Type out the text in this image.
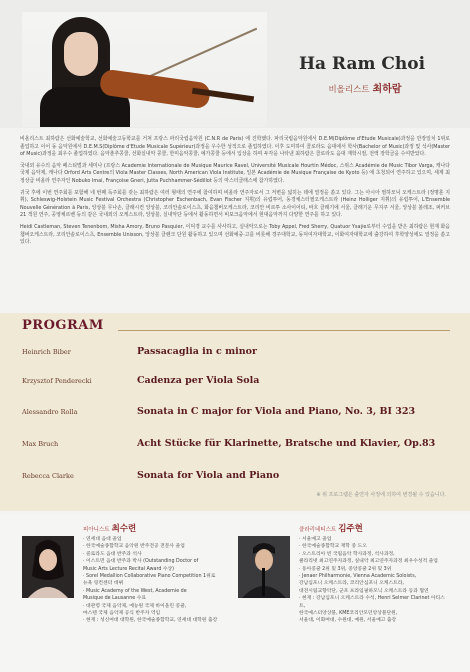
Ha Ram Choi
비올리스트 최하람

비올리스트 최하람은 선화예술학교, 선화예술고등학교를 거쳐 프랑스 파리국립음악원 (C.N.R de Paris) 에 진학했다. 파리국립음악원에서 D.E.M(Diplôme d'Etude Musicale)과정을 만장일치 1위로 졸업하고 이어 동 음악원에서 D.E.M.S(Diplôme d'Etude Musicale Supérieur)과정을 우수한 성적으로 졸업하였다. 이후 도미하여 콜로라도 음대에서 학사(Bachelor of Music)과정 및 석사(Master of Music)과정을 최우수 졸업하였다. 음악춘추콩쿨, 선화실내악 콩쿨, 한미음악콩쿨, 예가콩쿨 등에서 입상을 하며 두각을 나타낸 최하람은 콜로라도 음대 재학시절, 전액 장학금을 수여받았다.

국내외 유수의 음악 페스티벌과 세미나 (프랑스 Academie Internationale de Musique Maurice Ravel, Université Musicale Hourtin Médoc, 스위스 Académie de Music Tibor Varga, 캐나다 국제 음악제, 캐나다 Orford Arts Centre의 Viola Master Classes, North American Viola Institute, 일본 Académie de Musique Française de Kyoto 등) 에 초청되어 연주하고 있으며, 세계 최정상급 비올라 연주자인 Nobuko Imai, Françoise Gneri, Jutta Puchhammer-Sédillot 등의 마스터클래스에 참가하였다.

귀국 후에 이번 연주회를 포함해 네 번째 독주회를 갖는 최하람은 여러 형태의 연주에 참여하며 비올라 연주자로서 그 저변을 넓히는 데에 열정을 쏟고 있다. 그는 아시아 필하모닉 오케스트라 (정명훈 지휘), Schleswig-Holstein Music Festival Orchestra (Christopher Eschenbach, Evan Fischer 지휘)의 유럽투어, 동경체스터필오케스트라 (Heinz Holliger 지휘)의 유럽투어, L'Ensemble Nouvelle Génération à Paris, 앙상블 무나손, 클래시컨 앙상블, 코리안솔로이스츠, 화음챔버오케스트라, 코리안 비르투 소사이어티, 바흐 클래기에 서울, 클래기운 무지쿠 서울, 앙상블 볼레조, 퍼커브 21 객원 연주, 공영체르벤 등의 같은 국내외의 오케스트라, 앙상블, 실내악단 등에서 활동하면서 비포크음악에서 현대음악까지 다양한 연주를 하고 있다.

Heidi Castleman, Steven Tenenbom, Misha Amory, Bruno Pasquier, 이덕경 교수를 사사하고, 실내악으로는 Toby Appel, Fred Sherry, Quatuor Ysaÿe로부터 수업을 받은 최하람은 현재 화음챔버오케스트라, 코리안솔로이스츠, Ensemble Unisson, 앙상블 클렌크 단원 활동하고 있으며 선화예중·고를 비롯해 경주대학교, 동덕여자대학교, 이화여자대학교에 출강하여 후학양성에도 열정을 쏟고 있다.

PROGRAM
Heinrich Biber	Passacaglia in c minor
Krzysztof Penderecki	Cadenza per Viola Sola
Alessandro Rolla	Sonata in C major for Viola and Piano, No. 3, BI 323
Max Bruch	Acht Stücke für Klarinette, Bratsche und Klavier, Op.83
Rebecca Clarke	Sonata for Viola and Piano
※ 위 프로그램은 출연자 사정에 의하여 변경될 수 있습니다.
피아니스트 최수련
· 연세대 음대 졸업
· 한국예술종합학교 음악원 반주전공 전문사 졸업
· 콜로라도 음대 반주과 석사
· 이스트먼 음대 반주과 박사 (Outstanding Doctor of
Music Arts Lecture Recital Award 수상)
· Sorel Medallion Collaborative Piano Competition 1위로
뉴욕 링컨센터 데뷔
· Music Academy of the West, Academie de
Musique de Lausanne 수료
· 대관령 국제 음악제, 예능원 국제 바이올린 콩쿨,
마스텐 국제 음악제 공식 반주자 역임
· 현재 : 성신여대 대학원, 한국예술종합학교, 연세대 대학원 출강
클라리네티스트 김주현
· 서울예고 졸업
· 한국예술종합학교 재학 중 도오
· 오스트리아 빈 국립음악 학사과정, 석사과정,
클라리넷 최고연주자과정, 실내악 최고연주자과정 최우수성적 졸업
· 동아콩쿨 2위 및 3위, 중앙콩쿨 2위 및 3위
· Jenaer Philharmonie, Vienna Academic Soloists,
강남심포니 오케스트라, 코리안심포니 오케스트라,
대전시립교향악단, 군포 프라임필하모닉 오케스트라 등과 협연
· 현재 : 강남심포니 오케스트라 수석, Henri Selmer Clarinet 아티스트,
한국예스터앙상블, KME코리안모던앙상블단원,
서울대, 이화여대, 수원대, 예원, 서울예고 출강
